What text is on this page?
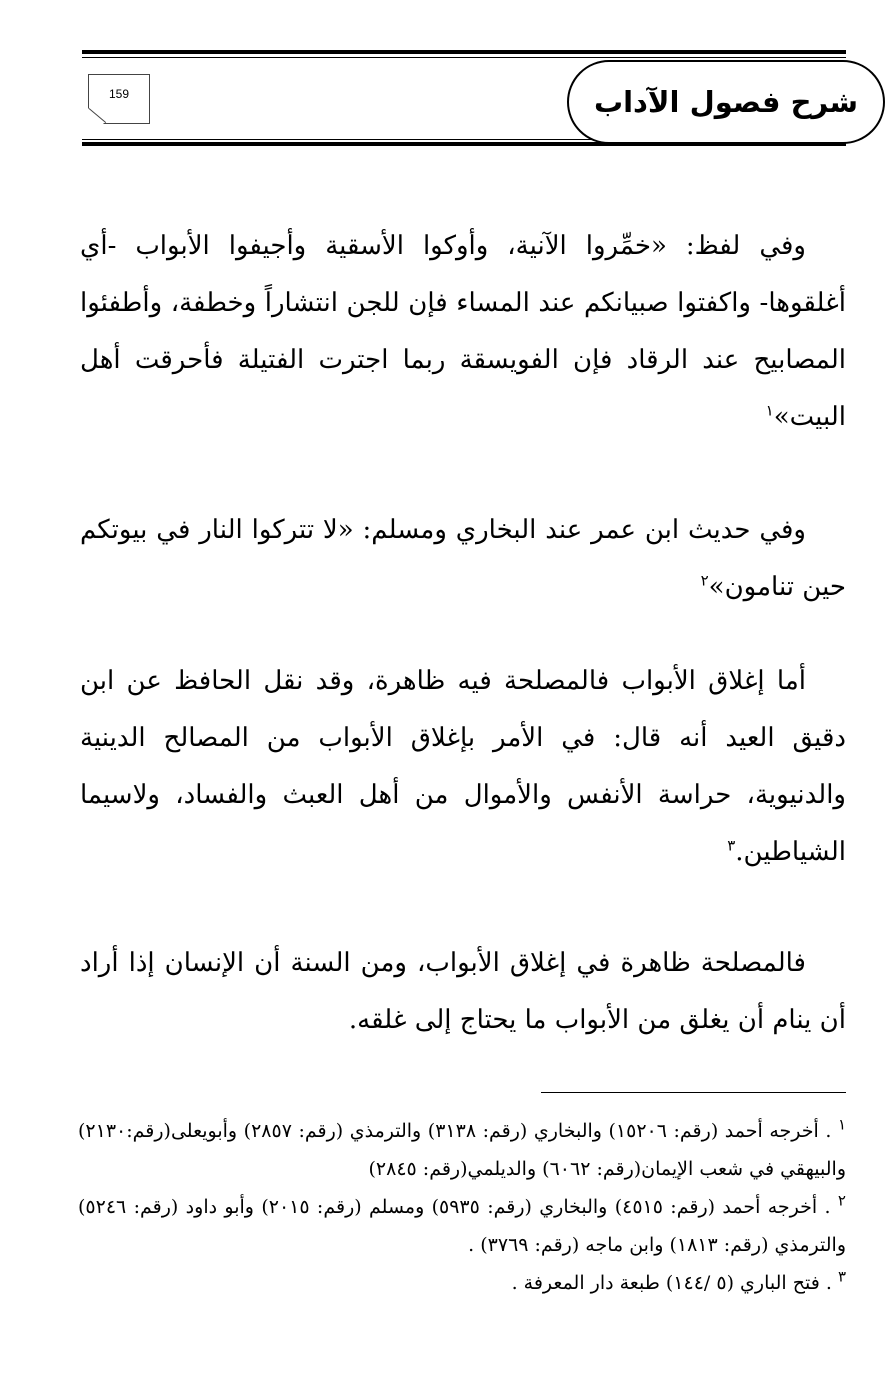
شرح فصول الآداب
159

وفي لفظ: «خمِّروا الآنية، وأوكوا الأسقية وأجيفوا الأبواب -أي أغلقوها- واكفتوا صبيانكم عند المساء فإن للجن انتشاراً وخطفة، وأطفئوا المصابيح عند الرقاد فإن الفويسقة ربما اجترت الفتيلة فأحرقت أهل البيت»$^١$

وفي حديث ابن عمر عند البخاري ومسلم: «لا تتركوا النار في بيوتكم حين تنامون»$^٢$

أما إغلاق الأبواب فالمصلحة فيه ظاهرة، وقد نقل الحافظ عن ابن دقيق العيد أنه قال: في الأمر بإغلاق الأبواب من المصالح الدينية والدنيوية، حراسة الأنفس والأموال من أهل العبث والفساد، ولاسيما الشياطين.$^٣$

فالمصلحة ظاهرة في إغلاق الأبواب، ومن السنة أن الإنسان إذا أراد أن ينام أن يغلق من الأبواب ما يحتاج إلى غلقه.

$^١$ . أخرجه أحمد (رقم: ١٥٢٠٦) والبخاري (رقم: ٣١٣٨) والترمذي (رقم: ٢٨٥٧) وأبويعلى(رقم:٢١٣٠) والبيهقي في شعب الإيمان(رقم: ٦٠٦٢) والديلمي(رقم: ٢٨٤٥)

$^٢$ . أخرجه أحمد (رقم: ٤٥١٥) والبخاري (رقم: ٥٩٣٥) ومسلم (رقم: ٢٠١٥) وأبو داود (رقم: ٥٢٤٦) والترمذي (رقم: ١٨١٣) وابن ماجه (رقم: ٣٧٦٩) .

$^٣$ . فتح الباري (٥ /١٤٤) طبعة دار المعرفة .
